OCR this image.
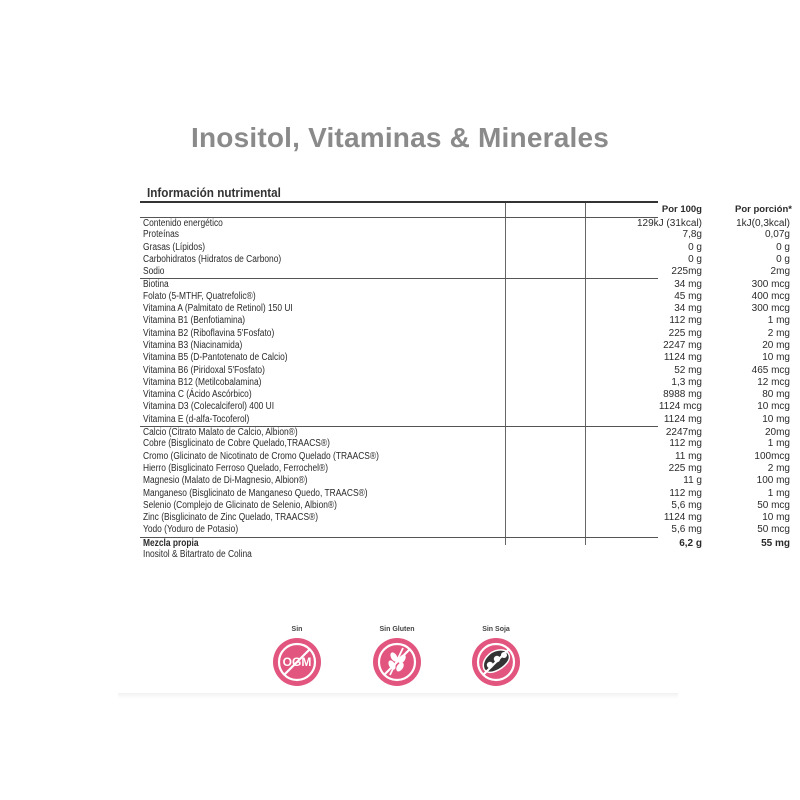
Inositol, Vitaminas & Minerales
Información nutrimental
Por 100g	Por porción*
Contenido energético	129kJ (31kcal)	1kJ(0,3kcal)
Proteínas	7,8g	0,07g
Grasas (Lípidos)	0 g	0 g
Carbohidratos (Hidratos de Carbono)	0 g	0 g
Sodio	225mg	2mg
Biotina	34 mg	300 mcg
Folato (5-MTHF, Quatrefolic®)	45 mg	400 mcg
Vitamina A (Palmitato de Retinol) 150 UI	34 mg	300 mcg
Vitamina B1 (Benfotiamina)	112 mg	1 mg
Vitamina B2 (Riboflavina 5'Fosfato)	225 mg	2 mg
Vitamina B3 (Niacinamida)	2247 mg	20 mg
Vitamina B5 (D-Pantotenato de Calcio)	1124 mg	10 mg
Vitamina B6 (Piridoxal 5'Fosfato)	52 mg	465 mcg
Vitamina B12 (Metilcobalamina)	1,3 mg	12 mcg
Vitamina C (Ácido Ascórbico)	8988 mg	80 mg
Vitamina D3 (Colecalciferol) 400 UI	1124 mcg	10 mcg
Vitamina E (d-alfa-Tocoferol)	1124 mg	10 mg
Calcio (Citrato Malato de Calcio, Albion®)	2247mg	20mg
Cobre (Bisglicinato de Cobre Quelado,TRAACS®)	112 mg	1 mg
Cromo (Glicinato de Nicotinato de Cromo Quelado (TRAACS®)	11 mg	100mcg
Hierro (Bisglicinato Ferroso Quelado, Ferrochel®)	225 mg	2 mg
Magnesio (Malato de Di-Magnesio, Albion®)	11 g	100 mg
Manganeso (Bisglicinato de Manganeso Quedo, TRAACS®)	112 mg	1 mg
Selenio (Complejo de Glicinato de Selenio, Albion®)	5,6 mg	50 mcg
Zinc (Bisglicinato de Zinc Quelado, TRAACS®)	1124 mg	10 mg
Yodo (Yoduro de Potasio)	5,6 mg	50 mcg
Mezcla propia	6,2 g	55 mg
Inositol & Bitartrato de Colina
Sin
OGM
Sin Gluten	Sin Soja
